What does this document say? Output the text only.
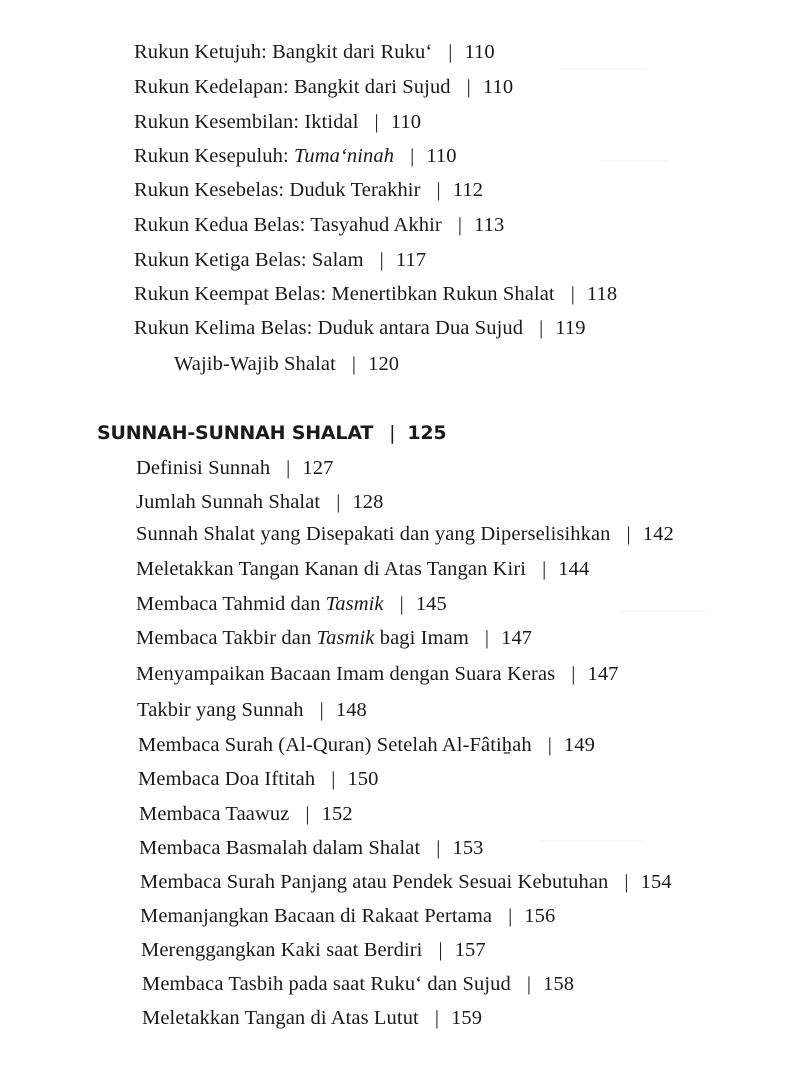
—————
————
—————
——————
Rukun Ketujuh: Bangkit dari Ruku‘ | 110
Rukun Kedelapan: Bangkit dari Sujud | 110
Rukun Kesembilan: Iktidal | 110
Rukun Kesepuluh: Tuma‘ninah | 110
Rukun Kesebelas: Duduk Terakhir | 112
Rukun Kedua Belas: Tasyahud Akhir | 113
Rukun Ketiga Belas: Salam | 117
Rukun Keempat Belas: Menertibkan Rukun Shalat | 118
Rukun Kelima Belas: Duduk antara Dua Sujud | 119
Wajib-Wajib Shalat | 120
SUNNAH-SUNNAH SHALAT | 125
Definisi Sunnah | 127
Jumlah Sunnah Shalat | 128
Sunnah Shalat yang Disepakati dan yang Diperselisihkan | 142
Meletakkan Tangan Kanan di Atas Tangan Kiri | 144
Membaca Tahmid dan Tasmik | 145
Membaca Takbir dan Tasmik bagi Imam | 147
Menyampaikan Bacaan Imam dengan Suara Keras | 147
Takbir yang Sunnah | 148
Membaca Surah (Al-Quran) Setelah Al-Fâtiẖah | 149
Membaca Doa Iftitah | 150
Membaca Taawuz | 152
Membaca Basmalah dalam Shalat | 153
Membaca Surah Panjang atau Pendek Sesuai Kebutuhan | 154
Memanjangkan Bacaan di Rakaat Pertama | 156
Merenggangkan Kaki saat Berdiri | 157
Membaca Tasbih pada saat Ruku‘ dan Sujud | 158
Meletakkan Tangan di Atas Lutut | 159
